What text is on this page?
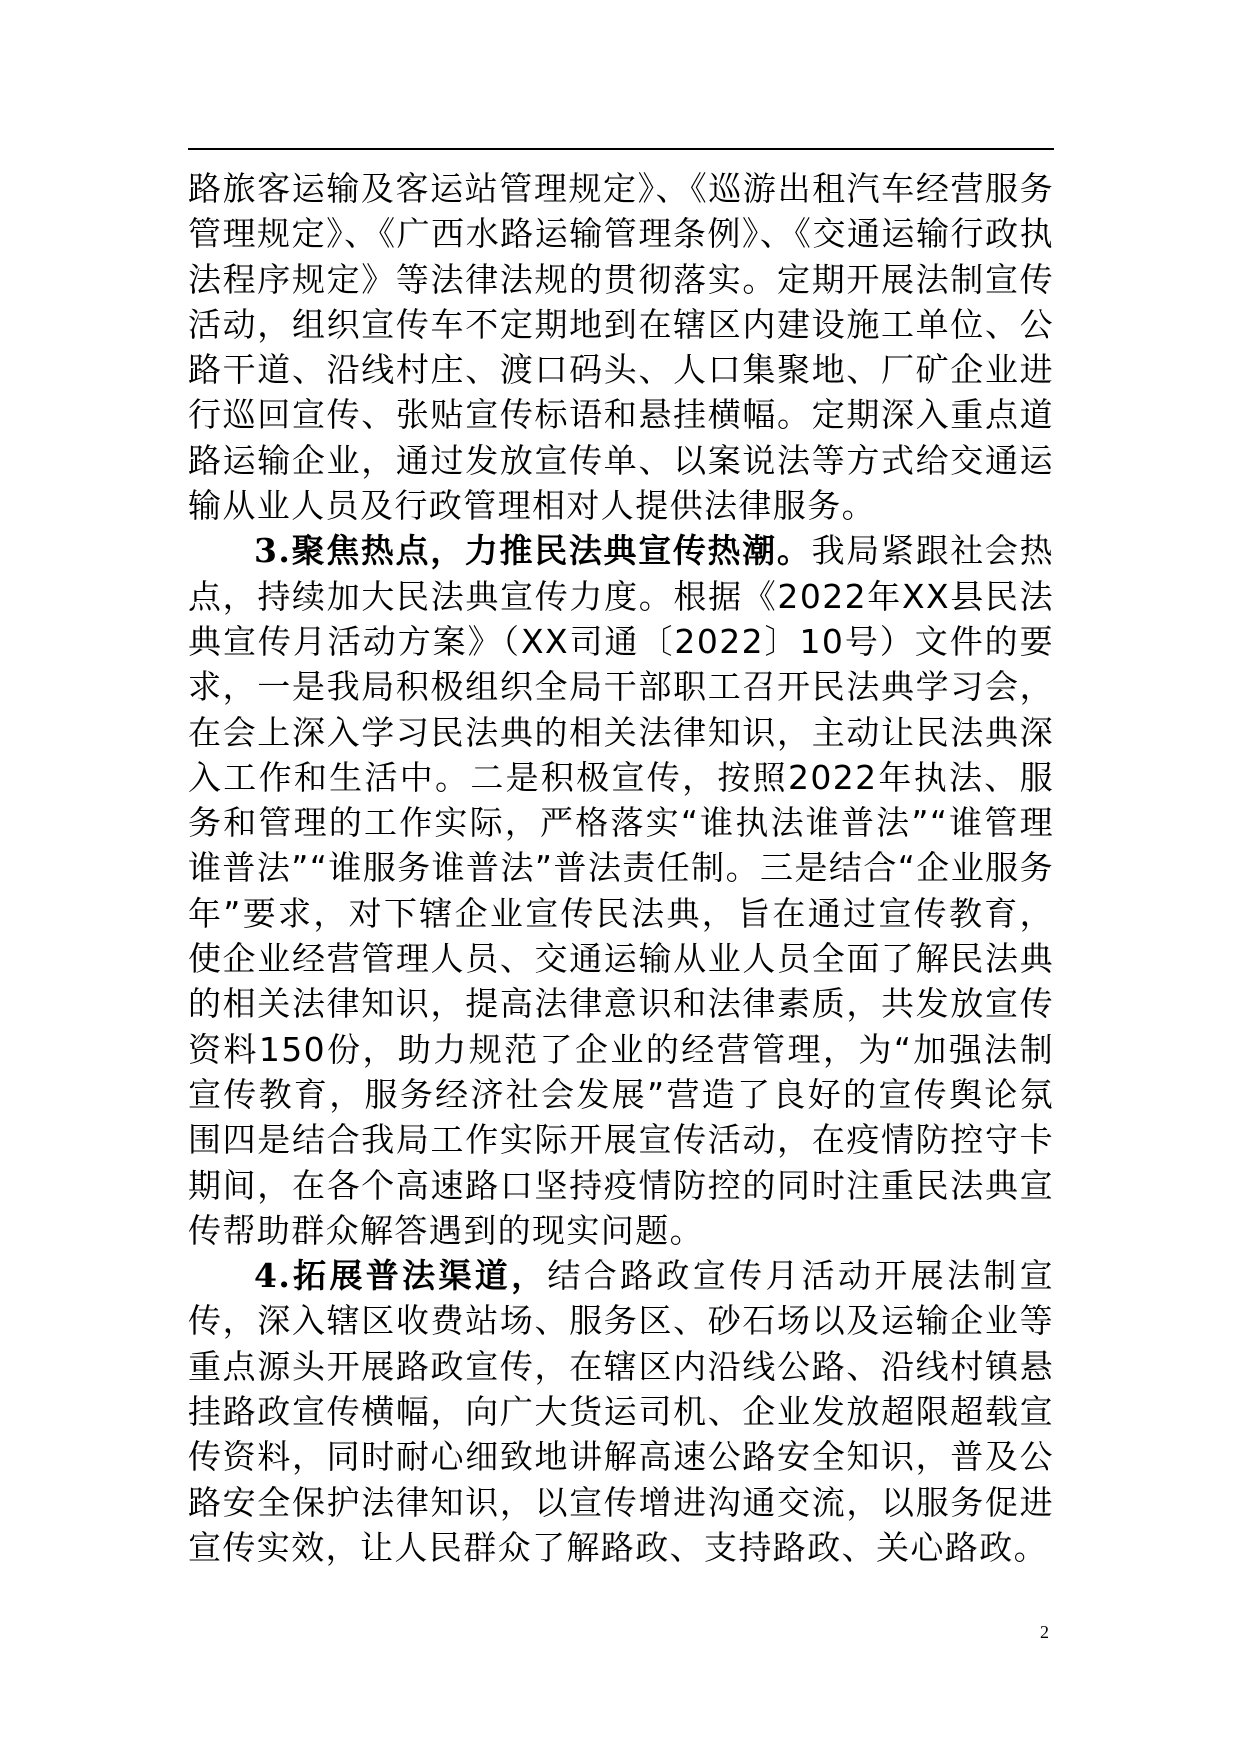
路旅客运输及客运站管理规定》、《巡游出租汽车经营服务管理规定》、《广西水路运输管理条例》、《交通运输行政执法程序规定》等法律法规的贯彻落实。定期开展法制宣传活动，组织宣传车不定期地到在辖区内建设施工单位、公路干道、沿线村庄、渡口码头、人口集聚地、厂矿企业进行巡回宣传、张贴宣传标语和悬挂横幅。定期深入重点道路运输企业，通过发放宣传单、以案说法等方式给交通运输从业人员及行政管理相对人提供法律服务。

3.聚焦热点，力推民法典宣传热潮。我局紧跟社会热点，持续加大民法典宣传力度。根据《2022年XX县民法典宣传月活动方案》（XX司通〔2022〕10号）文件的要求，一是我局积极组织全局干部职工召开民法典学习会，在会上深入学习民法典的相关法律知识，主动让民法典深入工作和生活中。二是积极宣传，按照2022年执法、服务和管理的工作实际，严格落实“谁执法谁普法”“谁管理谁普法”“谁服务谁普法”普法责任制。三是结合“企业服务年”要求，对下辖企业宣传民法典，旨在通过宣传教育，使企业经营管理人员、交通运输从业人员全面了解民法典的相关法律知识，提高法律意识和法律素质，共发放宣传资料150份，助力规范了企业的经营管理，为“加强法制宣传教育，服务经济社会发展”营造了良好的宣传舆论氛围四是结合我局工作实际开展宣传活动，在疫情防控守卡期间，在各个高速路口坚持疫情防控的同时注重民法典宣传帮助群众解答遇到的现实问题。

4.拓展普法渠道，结合路政宣传月活动开展法制宣传，深入辖区收费站场、服务区、砂石场以及运输企业等重点源头开展路政宣传，在辖区内沿线公路、沿线村镇悬挂路政宣传横幅，向广大货运司机、企业发放超限超载宣传资料，同时耐心细致地讲解高速公路安全知识，普及公路安全保护法律知识，以宣传增进沟通交流，以服务促进宣传实效，让人民群众了解路政、支持路政、关心路政。

2
